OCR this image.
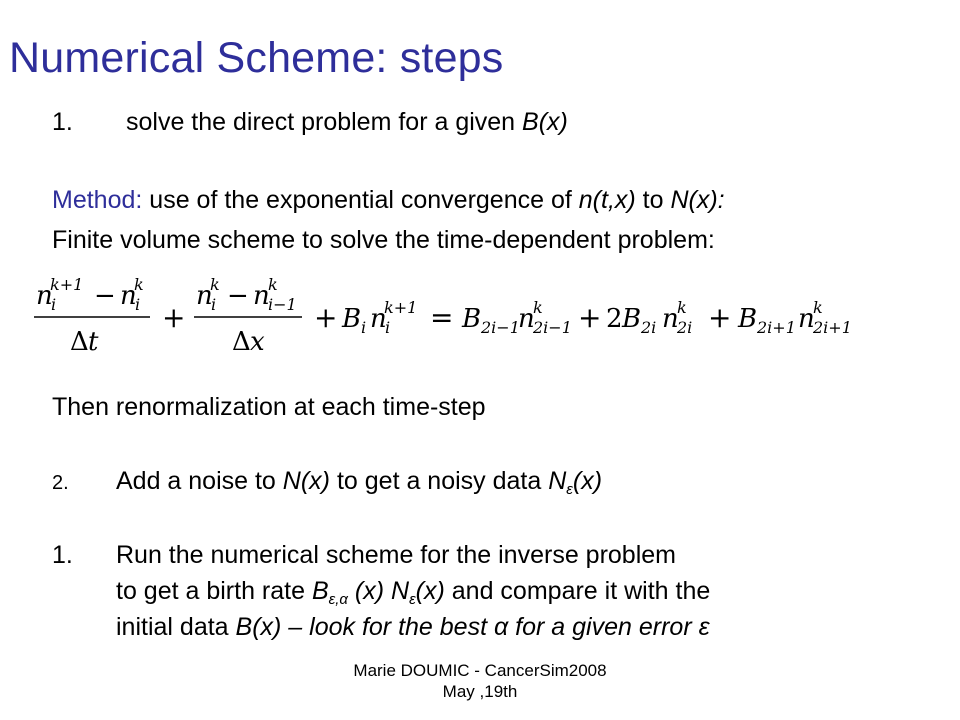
Numerical Scheme: steps
1. solve the direct problem for a given B(x)
Method: use of the exponential convergence of n(t,x) to N(x):
Finite volume scheme to solve the time-dependent problem:
n
i
k+1 − n
i
k
Δ t
+
n
i
k − n
i−1
k
Δ x
+ B i n
i
k+1 = B 2i−1
n
2i−1
k + 2 B 2i n
2i
k + B 2i+1 n
2i+1
k
Then renormalization at each time-step
2. Add a noise to N(x) to get a noisy data $N_\varepsilon(x)$
1. Run the numerical scheme for the inverse problem
to get a birth rate $B_{\varepsilon,\alpha}$ (x) $N_\varepsilon(x)$ and compare it with the
initial data B(x) – look for the best α for a given error ε
Marie DOUMIC - CancerSim2008
May ,19th
